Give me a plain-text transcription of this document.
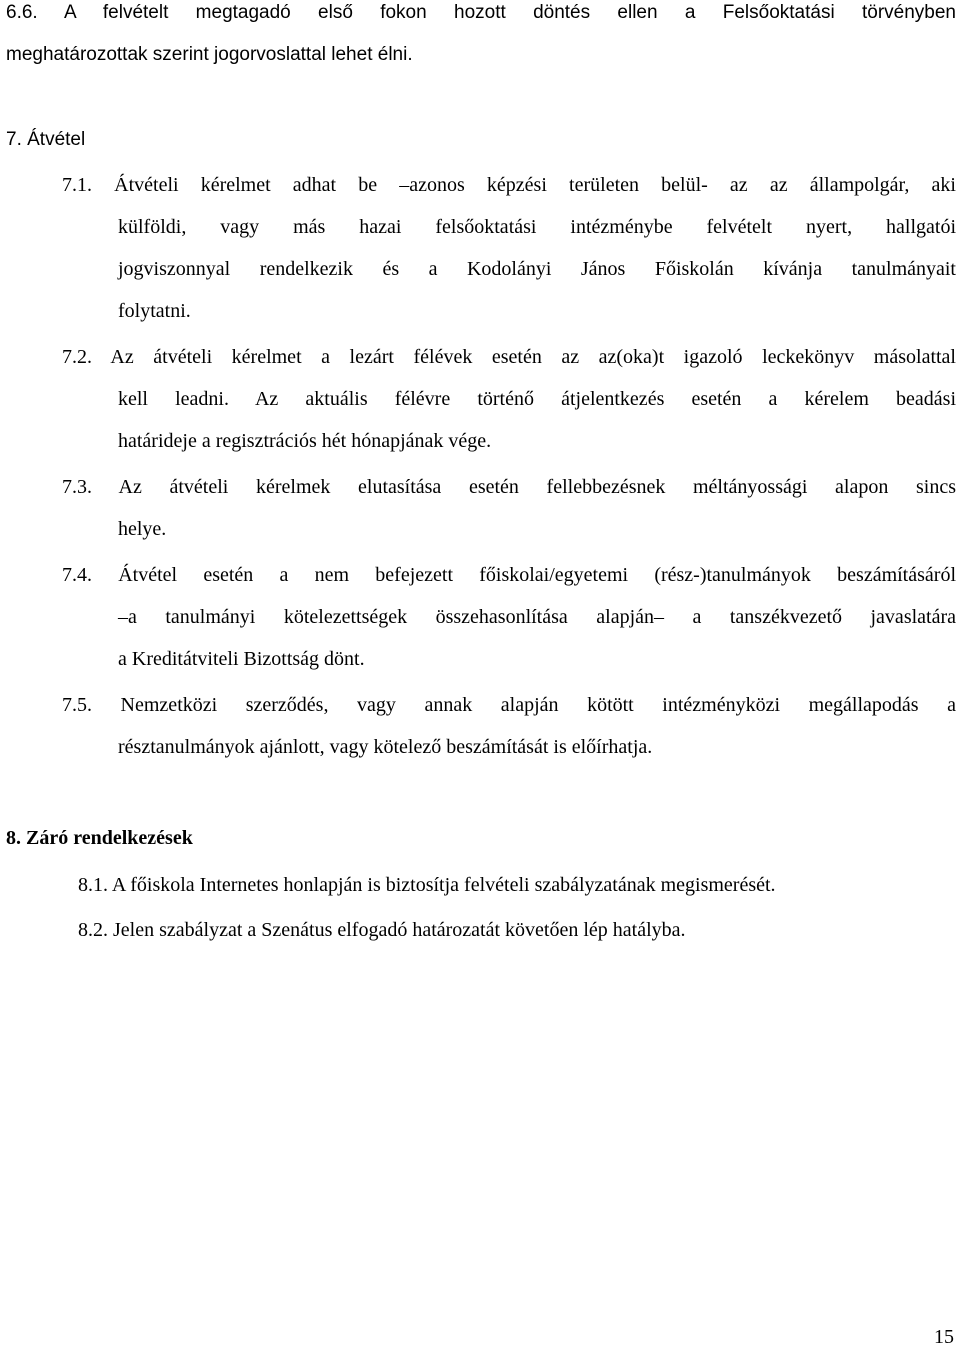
6.6. A felvételt megtagadó első fokon hozott döntés ellen a Felsőoktatási törvényben
meghatározottak szerint jogorvoslattal lehet élni.
7. Átvétel
7.1. Átvételi kérelmet adhat be –azonos képzési területen belül- az az állampolgár, aki
külföldi, vagy más hazai felsőoktatási intézménybe felvételt nyert, hallgatói
jogviszonnyal rendelkezik és a Kodolányi János Főiskolán kívánja tanulmányait
folytatni.
7.2. Az átvételi kérelmet a lezárt félévek esetén az az(oka)t igazoló leckekönyv másolattal
kell leadni. Az aktuális félévre történő átjelentkezés esetén a kérelem beadási
határideje a regisztrációs hét hónapjának vége.
7.3. Az átvételi kérelmek elutasítása esetén fellebbezésnek méltányossági alapon sincs
helye.
7.4. Átvétel esetén a nem befejezett főiskolai/egyetemi (rész-)tanulmányok beszámításáról
–a tanulmányi kötelezettségek összehasonlítása alapján– a tanszékvezető javaslatára
a Kreditátviteli Bizottság dönt.
7.5. Nemzetközi szerződés, vagy annak alapján kötött intézményközi megállapodás a
résztanulmányok ajánlott, vagy kötelező beszámítását is előírhatja.
8. Záró rendelkezések
8.1. A főiskola Internetes honlapján is biztosítja felvételi szabályzatának megismerését.
8.2. Jelen szabályzat a Szenátus elfogadó határozatát követően lép hatályba.
15
